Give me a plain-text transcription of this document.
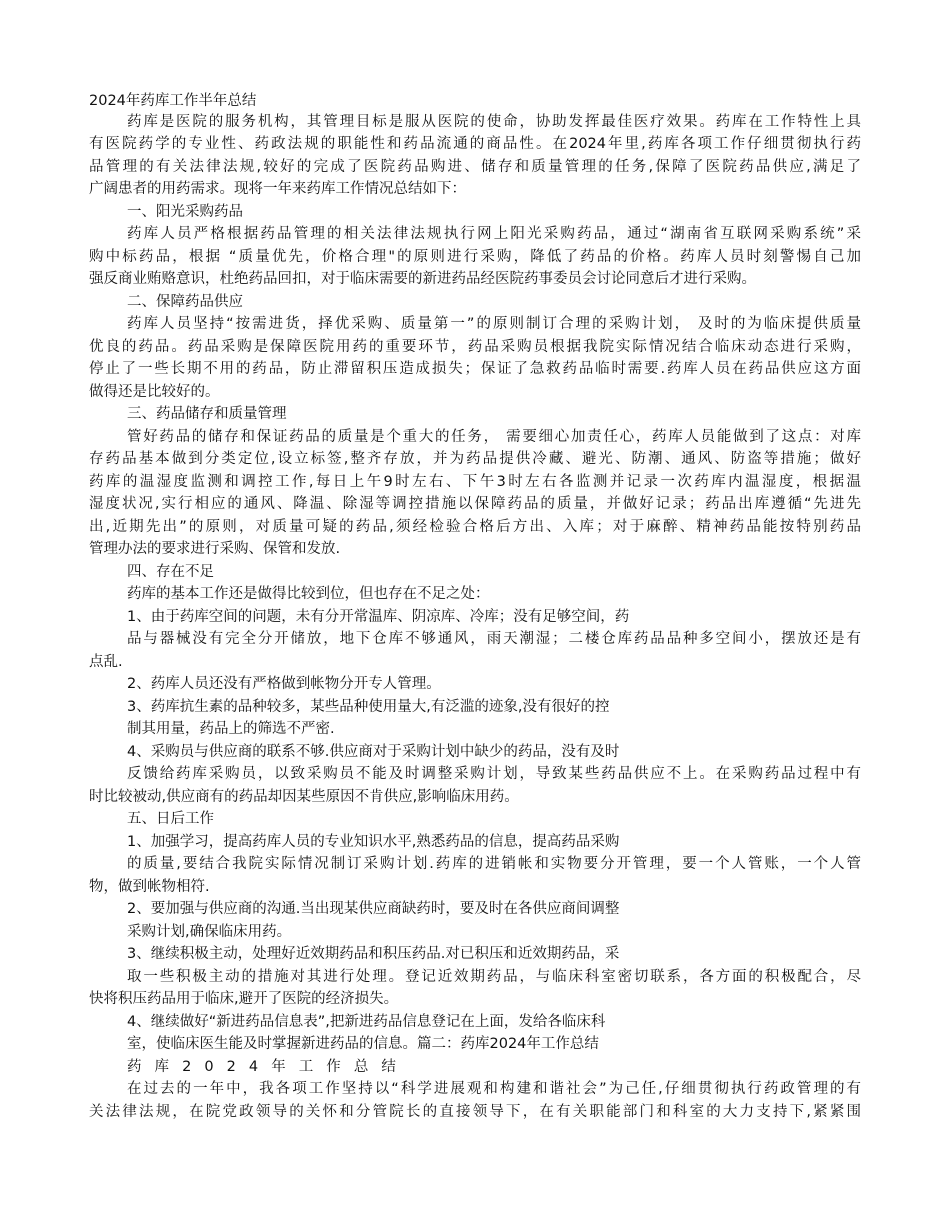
2024年药库工作半年总结
药库是医院的服务机构，其管理目标是服从医院的使命，协助发挥最佳医疗效果。药库在工作特性上具
有医院药学的专业性、药政法规的职能性和药品流通的商品性。在2024年里,药库各项工作仔细贯彻执行药
品管理的有关法律法规,较好的完成了医院药品购进、储存和质量管理的任务,保障了医院药品供应,满足了
广阔患者的用药需求。现将一年来药库工作情况总结如下：
一、阳光采购药品
药库人员严格根据药品管理的相关法律法规执行网上阳光采购药品，通过“湖南省互联网采购系统”采
购中标药品，根据 “质量优先，价格合理"的原则进行采购，降低了药品的价格。药库人员时刻警惕自己加
强反商业贿赂意识，杜绝药品回扣，对于临床需要的新进药品经医院药事委员会讨论同意后才进行采购。
二、保障药品供应
药库人员坚持“按需进货，择优采购、质量第一”的原则制订合理的采购计划， 及时的为临床提供质量
优良的药品。药品采购是保障医院用药的重要环节，药品采购员根据我院实际情况结合临床动态进行采购，
停止了一些长期不用的药品，防止滞留积压造成损失；保证了急救药品临时需要.药库人员在药品供应这方面
做得还是比较好的。
三、药品储存和质量管理
管好药品的储存和保证药品的质量是个重大的任务， 需要细心加责任心，药库人员能做到了这点：对库
存药品基本做到分类定位,设立标签,整齐存放，并为药品提供冷藏、避光、防潮、通风、防盗等措施；做好
药库的温湿度监测和调控工作,每日上午9时左右、下午3时左右各监测并记录一次药库内温湿度，根据温
湿度状况,实行相应的通风、降温、除湿等调控措施以保障药品的质量，并做好记录；药品出库遵循“先进先
出,近期先出”的原则，对质量可疑的药品,须经检验合格后方出、入库；对于麻醉、精神药品能按特别药品
管理办法的要求进行采购、保管和发放.
四、存在不足
药库的基本工作还是做得比较到位，但也存在不足之处：
1、由于药库空间的问题，未有分开常温库、阴凉库、冷库；没有足够空间，药
品与器械没有完全分开储放，地下仓库不够通风，雨天潮湿；二楼仓库药品品种多空间小，摆放还是有
点乱.
2、药库人员还没有严格做到帐物分开专人管理。
3、药库抗生素的品种较多，某些品种使用量大,有泛滥的迹象,没有很好的控
制其用量，药品上的筛选不严密.
4、采购员与供应商的联系不够.供应商对于采购计划中缺少的药品，没有及时
反馈给药库采购员，以致采购员不能及时调整采购计划，导致某些药品供应不上。在采购药品过程中有
时比较被动,供应商有的药品却因某些原因不肯供应,影响临床用药。
五、日后工作
1、加强学习，提高药库人员的专业知识水平,熟悉药品的信息，提高药品采购
的质量,要结合我院实际情况制订采购计划.药库的进销帐和实物要分开管理，要一个人管账，一个人管
物，做到帐物相符.
2、要加强与供应商的沟通.当出现某供应商缺药时，要及时在各供应商间调整
采购计划,确保临床用药。
3、继续积极主动，处理好近效期药品和积压药品.对已积压和近效期药品，采
取一些积极主动的措施对其进行处理。登记近效期药品，与临床科室密切联系，各方面的积极配合，尽
快将积压药品用于临床,避开了医院的经济损失。
4、继续做好“新进药品信息表”,把新进药品信息登记在上面，发给各临床科
室，使临床医生能及时掌握新进药品的信息。篇二：药库2024年工作总结
药库2024年工作总结
在过去的一年中，我各项工作坚持以“科学进展观和构建和谐社会”为己任,仔细贯彻执行药政管理的有
关法律法规，在院党政领导的关怀和分管院长的直接领导下，在有关职能部门和科室的大力支持下,紧紧围
